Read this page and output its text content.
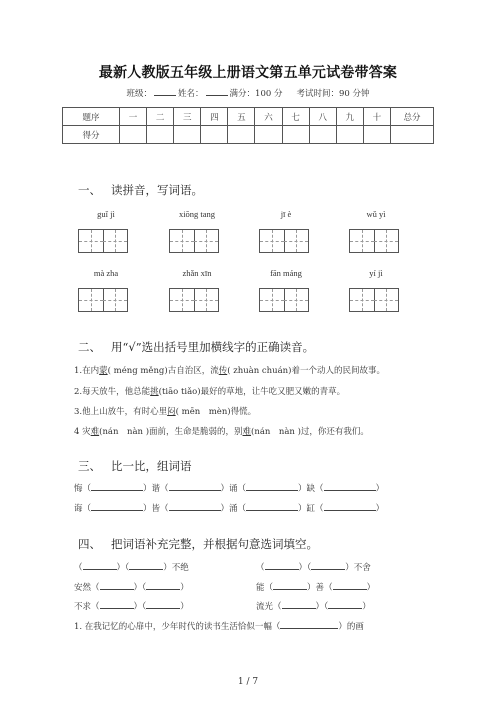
最新人教版五年级上册语文第五单元试卷带答案
班级：	姓名：	满分：100 分 考试时间：90 分钟
题序	一	二	三	四	五	六	七	八	九	十	总分
得分											
一、 读拼音，写词语。
guǐ jì	xiōng tang	jī è	wǔ yì
mà zha	zhǎn xīn	fān máng	yí jì
二、 用“√”选出括号里加横线字的正确读音。
1.在内蒙( méng měng)古自治区，流传( zhuàn chuán)着一个动人的民间故事。
2.每天放牛，他总能挑(tiāo tiǎo)最好的草地，让牛吃又肥又嫩的青草。
3.他上山放牛，有时心里闷( mēn　mèn)得慌。
4 灾难(nán　nàn )面前，生命是脆弱的，别难(nán　nàn )过，你还有我们。
三、 比一比，组词语
悔（	）谐（	）诵（	）缺（	）
诲（	）皆（	）涌（	）缸（	）
四、 把词语补充完整，并根据句意选词填空。
（	）（	）不绝	（	）（	）不舍
安然（	）（	）	能（	）善（	）
不求（	）（	）	流光（	）（	）
1. 在我记忆的心扉中，少年时代的读书生活恰似一幅（	）的画
1 / 7
